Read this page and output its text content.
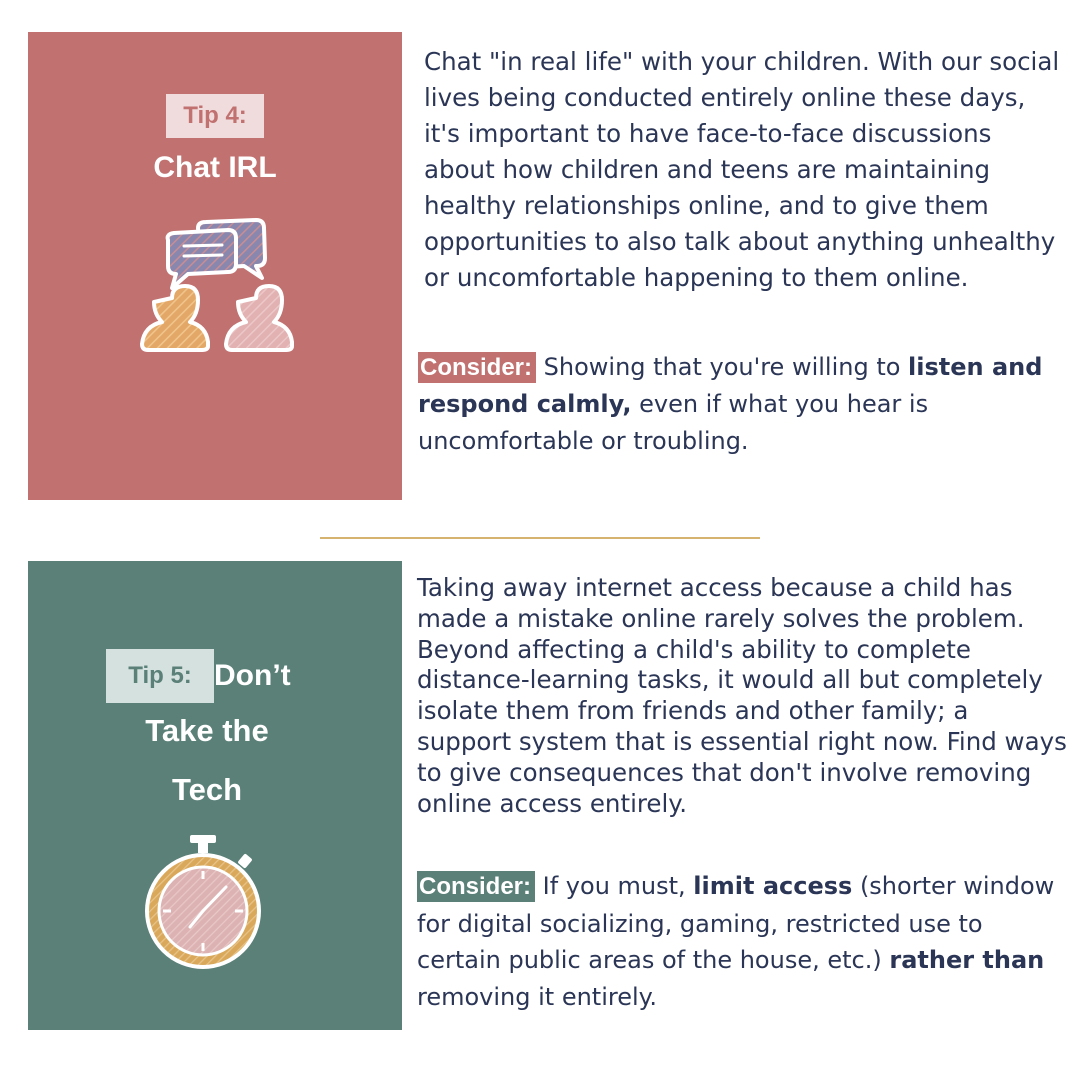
Tip 4:
Chat IRL
Chat "in real life" with your children. With our social lives being conducted entirely online these days, it's important to have face-to-face discussions about how children and teens are maintaining healthy relationships online, and to give them opportunities to also talk about anything unhealthy or uncomfortable happening to them online.
Consider: Showing that you're willing to listen and respond calmly, even if what you hear is uncomfortable or troubling.
Tip 5: Don’t
Take the
Tech
Taking away internet access because a child has made a mistake online rarely solves the problem. Beyond affecting a child's ability to complete distance-learning tasks, it would all but completely isolate them from friends and other family; a support system that is essential right now. Find ways to give consequences that don't involve removing online access entirely.
Consider: If you must, limit access (shorter window for digital socializing, gaming, restricted use to certain public areas of the house, etc.) rather than removing it entirely.
